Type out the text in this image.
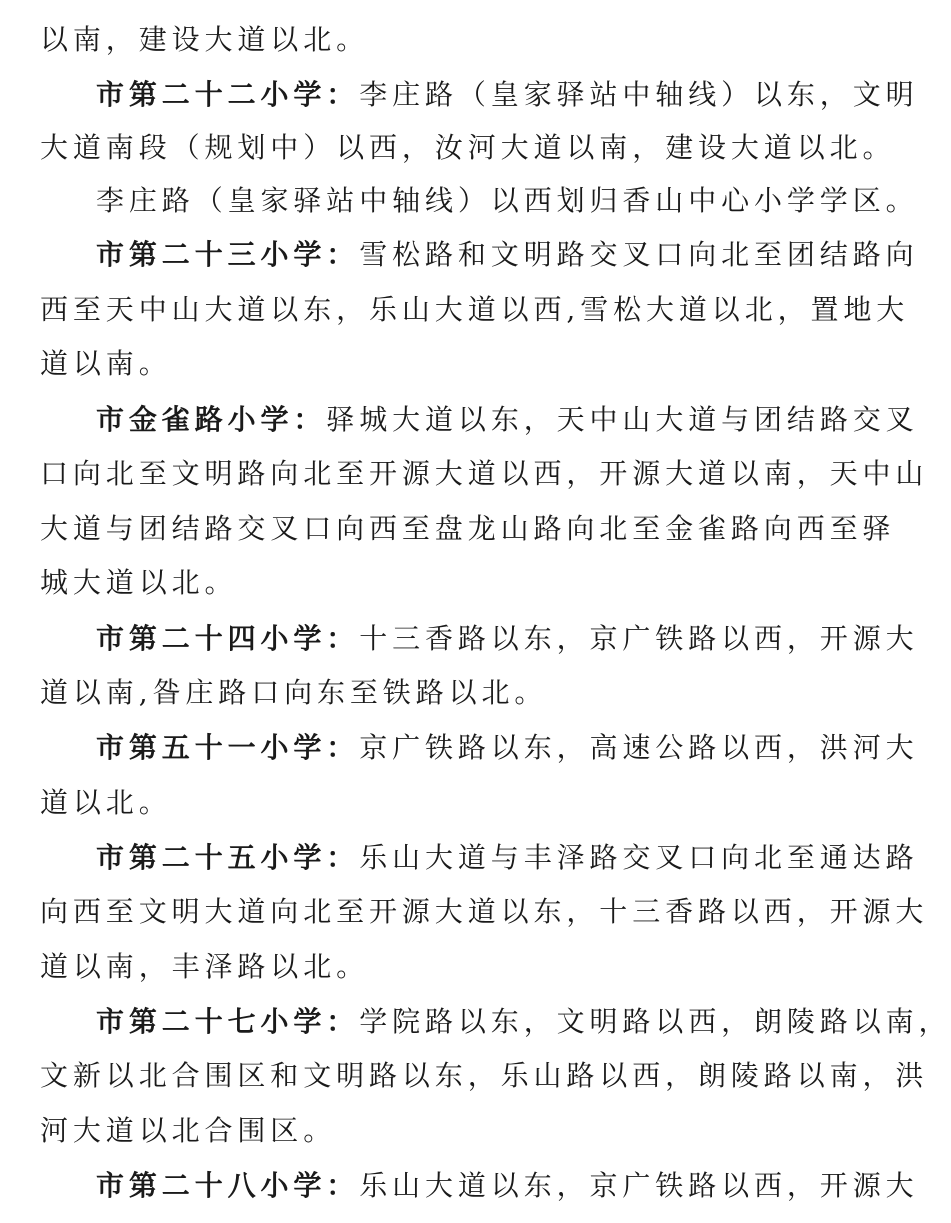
以南，建设大道以北。
市第二十二小学：李庄路（皇家驿站中轴线）以东，文明
大道南段（规划中）以西，汝河大道以南，建设大道以北。
李庄路（皇家驿站中轴线）以西划归香山中心小学学区。
市第二十三小学：雪松路和文明路交叉口向北至团结路向
西至天中山大道以东，乐山大道以西,雪松大道以北，置地大
道以南。
市金雀路小学：驿城大道以东，天中山大道与团结路交叉
口向北至文明路向北至开源大道以西，开源大道以南，天中山
大道与团结路交叉口向西至盘龙山路向北至金雀路向西至驿
城大道以北。
市第二十四小学：十三香路以东，京广铁路以西，开源大
道以南,昝庄路口向东至铁路以北。
市第五十一小学：京广铁路以东，高速公路以西，洪河大
道以北。
市第二十五小学：乐山大道与丰泽路交叉口向北至通达路
向西至文明大道向北至开源大道以东，十三香路以西，开源大
道以南，丰泽路以北。
市第二十七小学：学院路以东，文明路以西，朗陵路以南，
文新以北合围区和文明路以东，乐山路以西，朗陵路以南，洪
河大道以北合围区。
市第二十八小学：乐山大道以东，京广铁路以西，开源大
